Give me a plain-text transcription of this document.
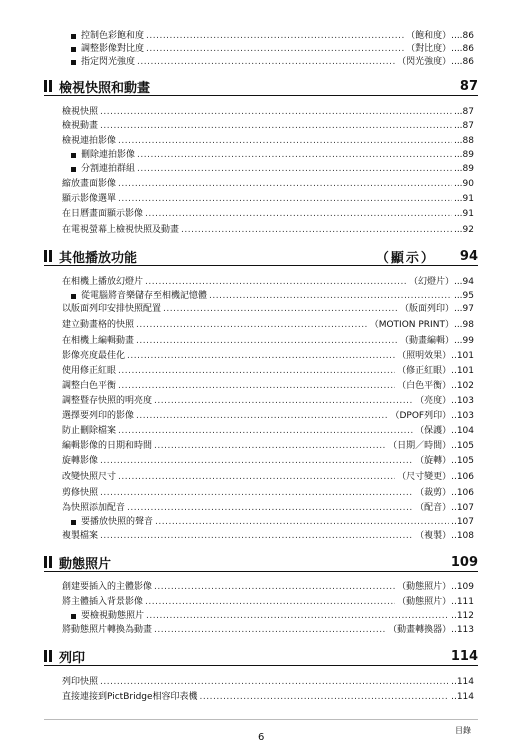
控制色彩飽和度 .....	（飽和度） ....86
調整影像對比度 .....	（對比度） ....86
指定閃光強度 .....	（閃光強度） ....86
檢視快照和動畫	87
檢視快照 .....	...87
檢視動畫 .....	...87
檢視連拍影像 .....	...88
刪除連拍影像 .....	...89
分割連拍群組 .....	...89
縮放畫面影像 .....	...90
顯示影像選單 .....	...91
在日曆畫面顯示影像 .....	...91
在電視螢幕上檢視快照及動畫 .....	...92
其他播放功能	（顯示） 94
在相機上播放幻燈片 .....	（幻燈片） ...94
從電腦將音樂儲存至相機記憶體 .....	...95
以版面列印安排快照配置 .....	（版面列印） ...97
建立動畫格的快照 .....	（MOTION PRINT） ...98
在相機上編輯動畫 .....	（動畫編輯） ...99
影像亮度最佳化 .....	（照明效果） ..101
使用修正紅眼 .....	（修正紅眼） ..101
調整白色平衡 .....	（白色平衡） ..102
調整暨存快照的明亮度 .....	（亮度） ..103
選擇要列印的影像 .....	（DPOF列印） ..103
防止刪除檔案 .....	（保護） ..104
編輯影像的日期和時間 .....	（日期／時間） ..105
旋轉影像 .....	（旋轉） ..105
改變快照尺寸 .....	（尺寸變更） ..106
剪修快照 .....	（裁剪） ..106
為快照添加配音 .....	（配音） ..107
要播放快照的聲音 .....	..107
複製檔案 .....	（複製） ..108
動態照片	109
創建要插入的主體影像 .....	（動態照片） ..109
將主體插入背景影像 .....	（動態照片） ..111
要檢視動態照片 .....	..112
將動態照片轉換為動畫 .....	（動畫轉換器） ..113
列印	114
列印快照 .....	..114
直接連接到PictBridge相容印表機 .....	..114
6
目錄
